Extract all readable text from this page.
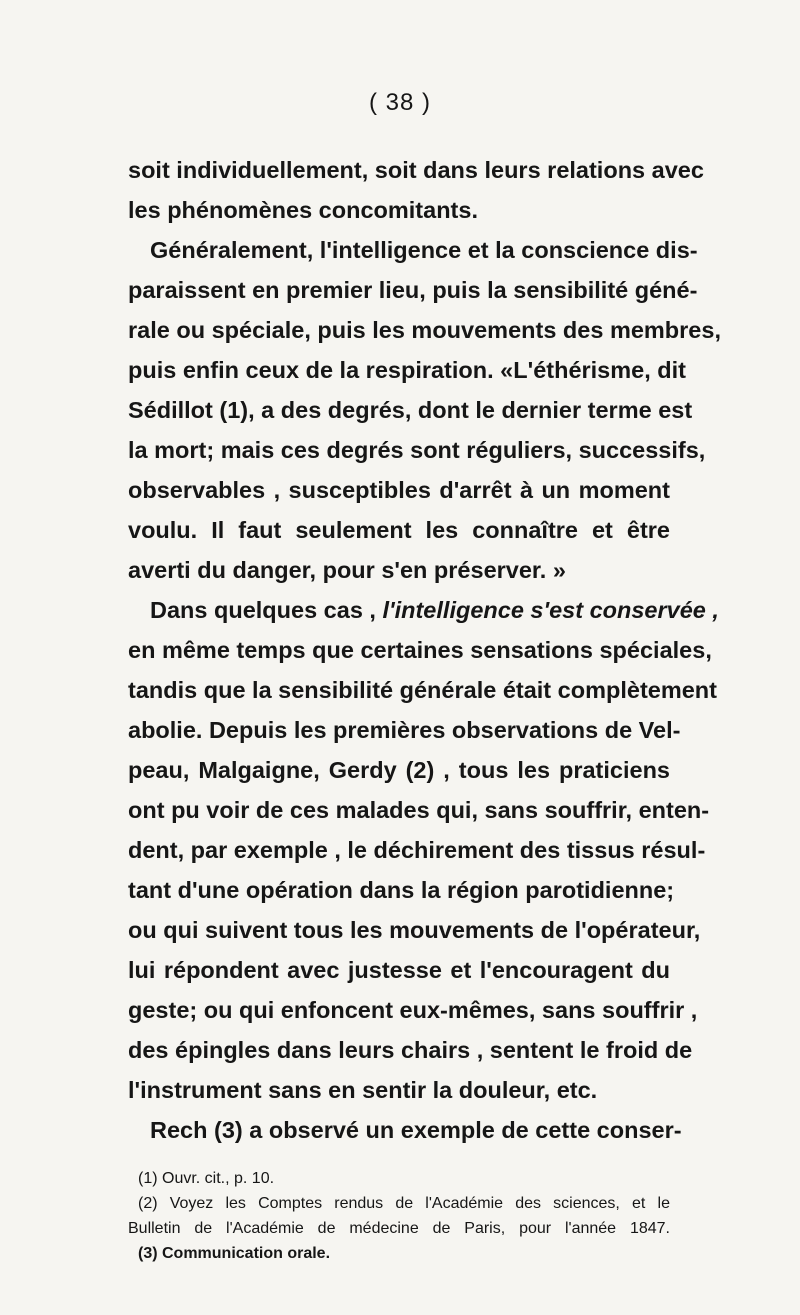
( 38 )
soit individuellement, soit dans leurs relations avec
les phénomènes concomitants.
Généralement, l'intelligence et la conscience dis-
paraissent en premier lieu, puis la sensibilité géné-
rale ou spéciale, puis les mouvements des membres,
puis enfin ceux de la respiration. «L'éthérisme, dit
Sédillot (1), a des degrés, dont le dernier terme est
la mort; mais ces degrés sont réguliers, successifs,
observables , susceptibles d'arrêt à un moment
voulu. Il faut seulement les connaître et être
averti du danger, pour s'en préserver. »
Dans quelques cas , l'intelligence s'est conservée ,
en même temps que certaines sensations spéciales,
tandis que la sensibilité générale était complètement
abolie. Depuis les premières observations de Vel-
peau, Malgaigne, Gerdy (2) , tous les praticiens
ont pu voir de ces malades qui, sans souffrir, enten-
dent, par exemple , le déchirement des tissus résul-
tant d'une opération dans la région parotidienne;
ou qui suivent tous les mouvements de l'opérateur,
lui répondent avec justesse et l'encouragent du
geste; ou qui enfoncent eux-mêmes, sans souffrir ,
des épingles dans leurs chairs , sentent le froid de
l'instrument sans en sentir la douleur, etc.
Rech (3) a observé un exemple de cette conser-
(1) Ouvr. cit., p. 10.
(2) Voyez les Comptes rendus de l'Académie des sciences, et le
Bulletin de l'Académie de médecine de Paris, pour l'année 1847.
(3) Communication orale.
